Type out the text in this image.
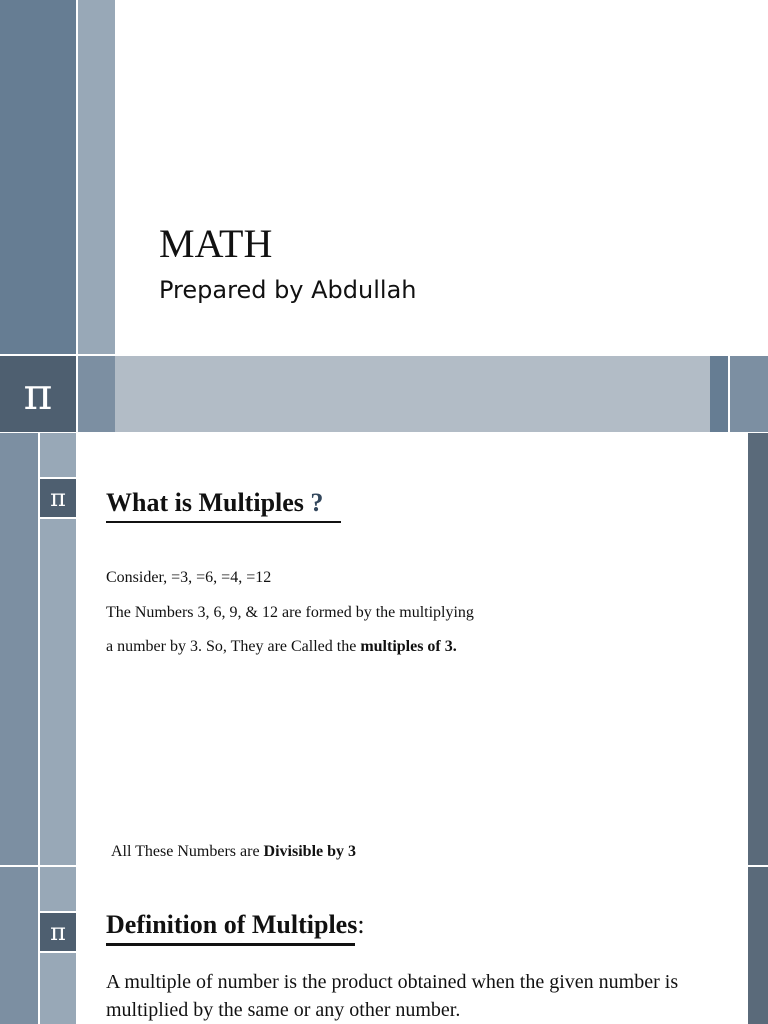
MATH
Prepared by Abdullah
π
π	What is Multiples ?
Consider, =3, =6, =4, =12
The Numbers 3, 6, 9, & 12 are formed by the multiplying
a number by 3. So, They are Called the multiples of 3.
All These Numbers are Divisible by 3
π	Definition of Multiples:
A multiple of number is the product obtained when the given number is multiplied by the same or any other number.
